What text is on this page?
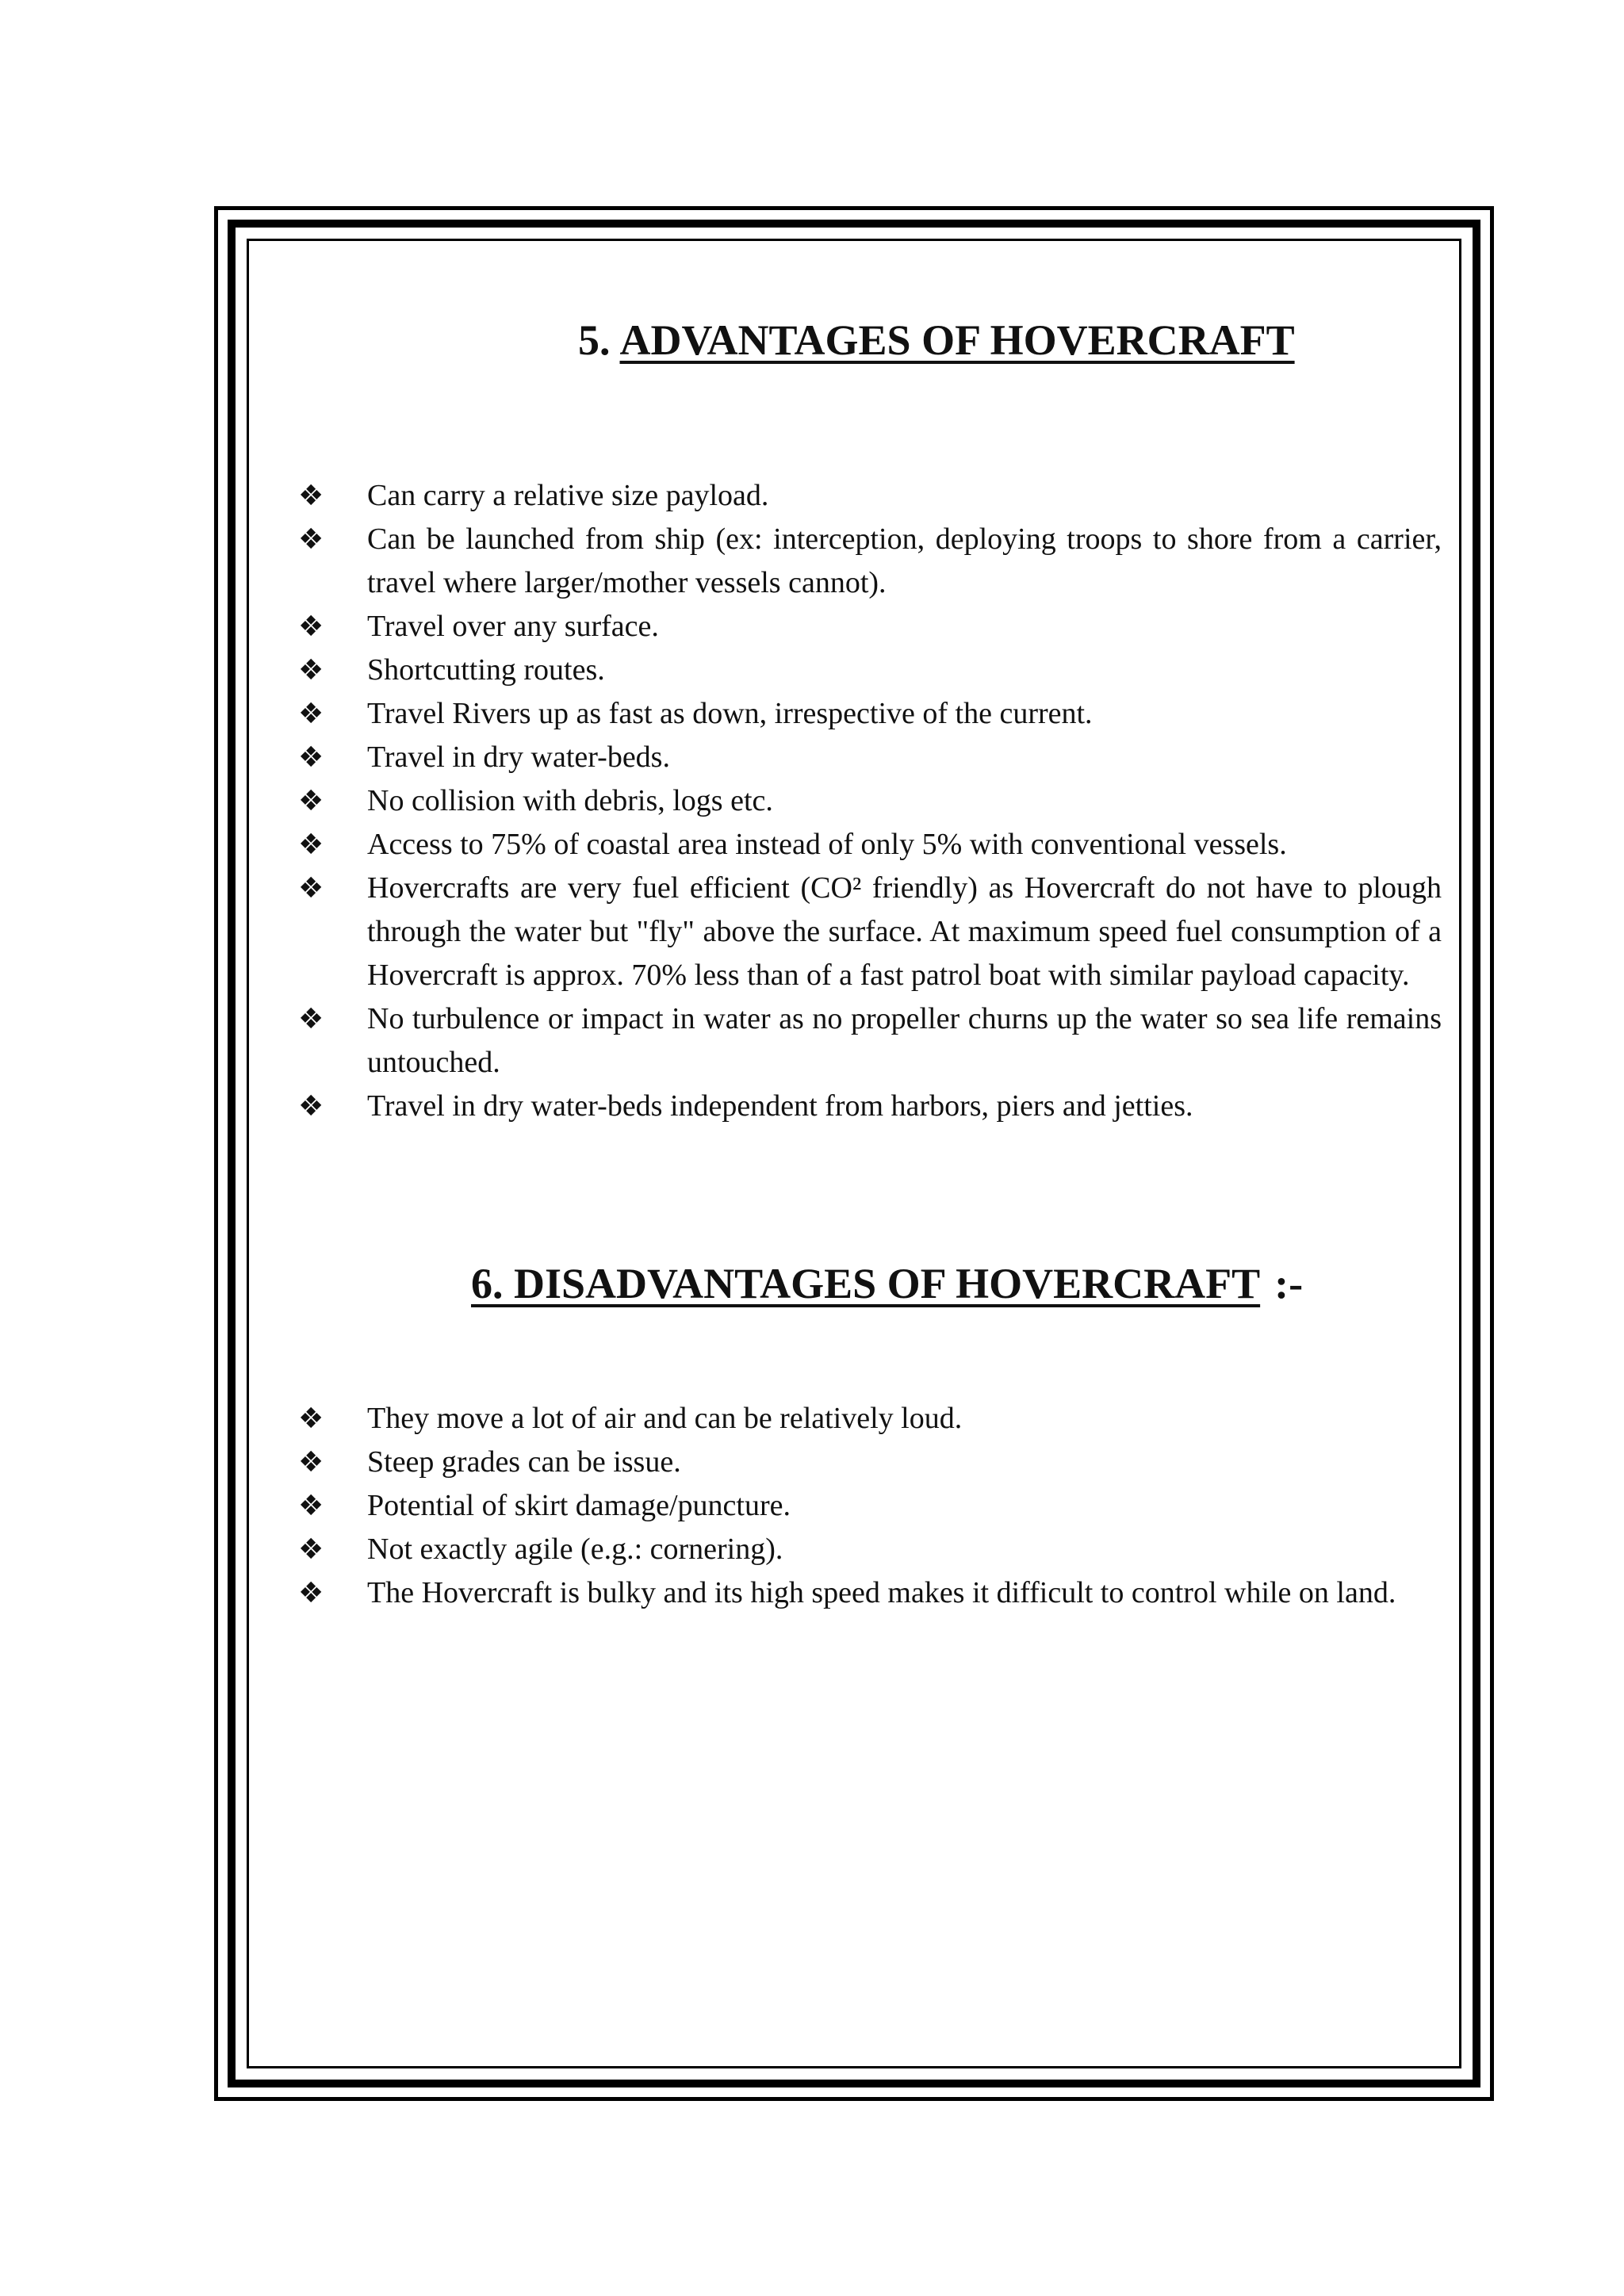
5. ADVANTAGES OF HOVERCRAFT
❖ Can carry a relative size payload.
❖ Can be launched from ship (ex: interception, deploying troops to shore from a carrier, travel where larger/mother vessels cannot).
❖ Travel over any surface.
❖ Shortcutting routes.
❖ Travel Rivers up as fast as down, irrespective of the current.
❖ Travel in dry water-beds.
❖ No collision with debris, logs etc.
❖ Access to 75% of coastal area instead of only 5% with conventional vessels.
❖ Hovercrafts are very fuel efficient (CO² friendly) as Hovercraft do not have to plough through the water but "fly" above the surface. At maximum speed fuel consumption of a Hovercraft is approx. 70% less than of a fast patrol boat with similar payload capacity.
❖ No turbulence or impact in water as no propeller churns up the water so sea life remains untouched.
❖ Travel in dry water-beds independent from harbors, piers and jetties.
6. DISADVANTAGES OF HOVERCRAFT :-
❖ They move a lot of air and can be relatively loud.
❖ Steep grades can be issue.
❖ Potential of skirt damage/puncture.
❖ Not exactly agile (e.g.: cornering).
❖ The Hovercraft is bulky and its high speed makes it difficult to control while on land.
